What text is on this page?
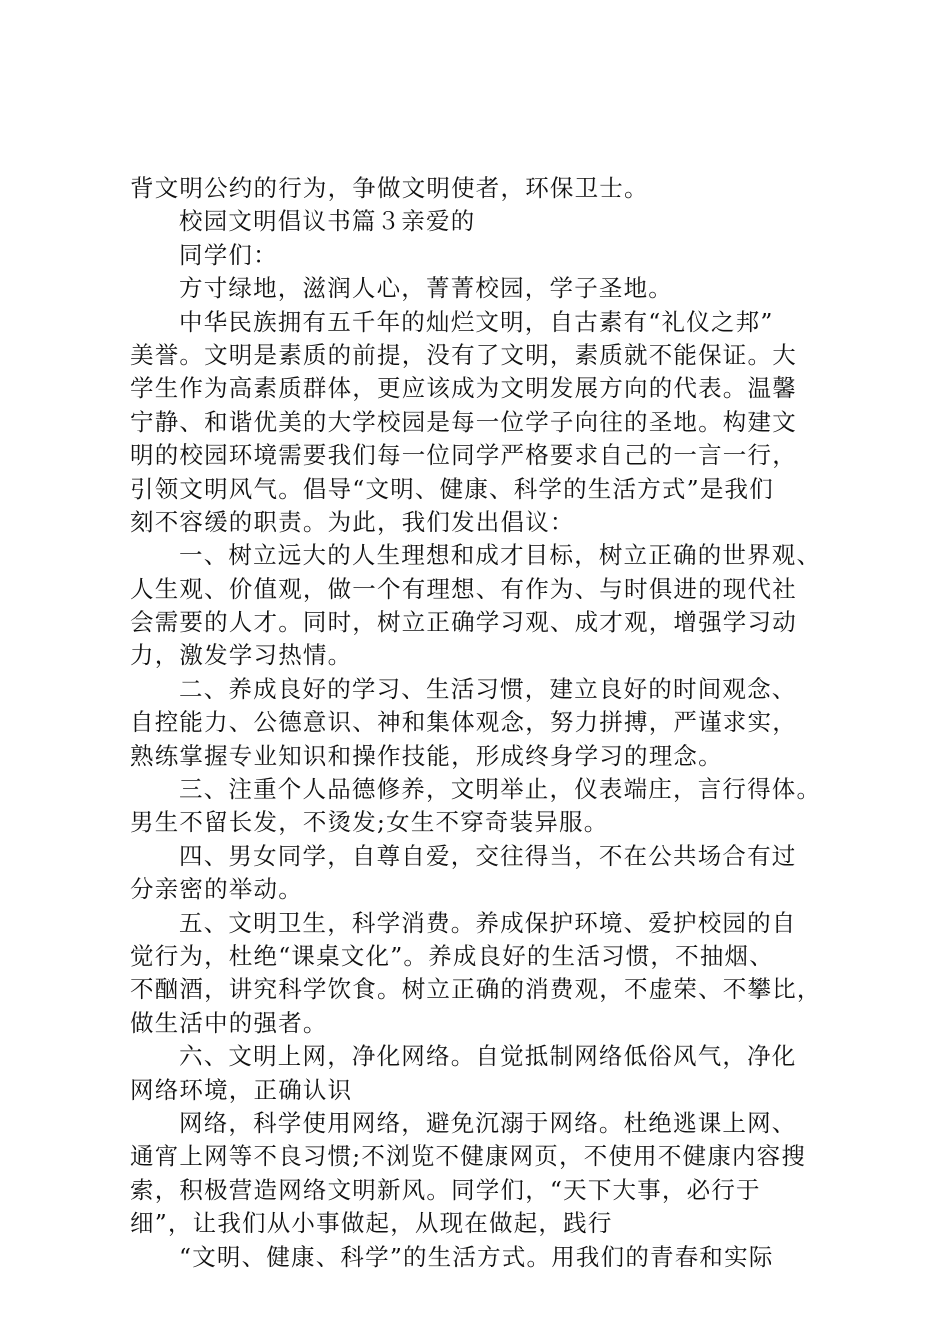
背文明公约的行为，争做文明使者，环保卫士。
校园文明倡议书篇３亲爱的
同学们：
方寸绿地，滋润人心，菁菁校园，学子圣地。
中华民族拥有五千年的灿烂文明，自古素有“礼仪之邦”
美誉。文明是素质的前提，没有了文明，素质就不能保证。大
学生作为高素质群体，更应该成为文明发展方向的代表。温馨
宁静、和谐优美的大学校园是每一位学子向往的圣地。构建文
明的校园环境需要我们每一位同学严格要求自己的一言一行，
引领文明风气。倡导“文明、健康、科学的生活方式”是我们
刻不容缓的职责。为此，我们发出倡议：
一、树立远大的人生理想和成才目标，树立正确的世界观、
人生观、价值观，做一个有理想、有作为、与时俱进的现代社
会需要的人才。同时，树立正确学习观、成才观，增强学习动
力，激发学习热情。
二、养成良好的学习、生活习惯，建立良好的时间观念、
自控能力、公德意识、神和集体观念，努力拼搏，严谨求实，
熟练掌握专业知识和操作技能，形成终身学习的理念。
三、注重个人品德修养，文明举止，仪表端庄，言行得体。
男生不留长发，不烫发;女生不穿奇装异服。
四、男女同学，自尊自爱，交往得当，不在公共场合有过
分亲密的举动。
五、文明卫生，科学消费。养成保护环境、爱护校园的自
觉行为，杜绝“课桌文化”。养成良好的生活习惯，不抽烟、
不酗酒，讲究科学饮食。树立正确的消费观，不虚荣、不攀比，
做生活中的强者。
六、文明上网，净化网络。自觉抵制网络低俗风气，净化
网络环境，正确认识
网络，科学使用网络，避免沉溺于网络。杜绝逃课上网、
通宵上网等不良习惯;不浏览不健康网页，不使用不健康内容搜
索，积极营造网络文明新风。同学们，“天下大事，必行于
细”，让我们从小事做起，从现在做起，践行
“文明、健康、科学”的生活方式。用我们的青春和实际
